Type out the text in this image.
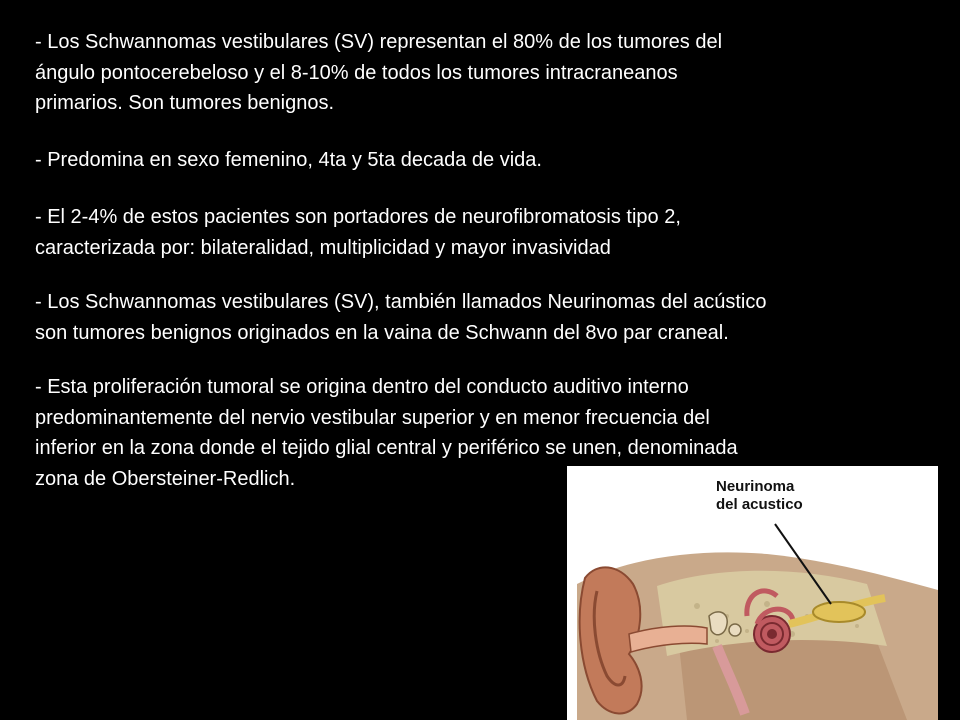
- Los Schwannomas vestibulares (SV) representan el 80% de los tumores del
ángulo pontocerebeloso y el 8-10% de todos los tumores intracraneanos
primarios. Son tumores benignos.

- Predomina en sexo femenino, 4ta y 5ta decada de vida.

- El 2-4% de estos pacientes son portadores de neurofibromatosis tipo 2,
caracterizada por: bilateralidad, multiplicidad y mayor invasividad

- Los Schwannomas vestibulares (SV), también llamados Neurinomas del acústico
son tumores benignos originados en la vaina de Schwann del 8vo par craneal.

- Esta proliferación tumoral se origina dentro del conducto auditivo interno
predominantemente del nervio vestibular superior y en menor frecuencia del
inferior en la zona donde el tejido glial central y periférico se unen, denominada
zona de Obersteiner-Redlich.	Neurinoma
del acustico
